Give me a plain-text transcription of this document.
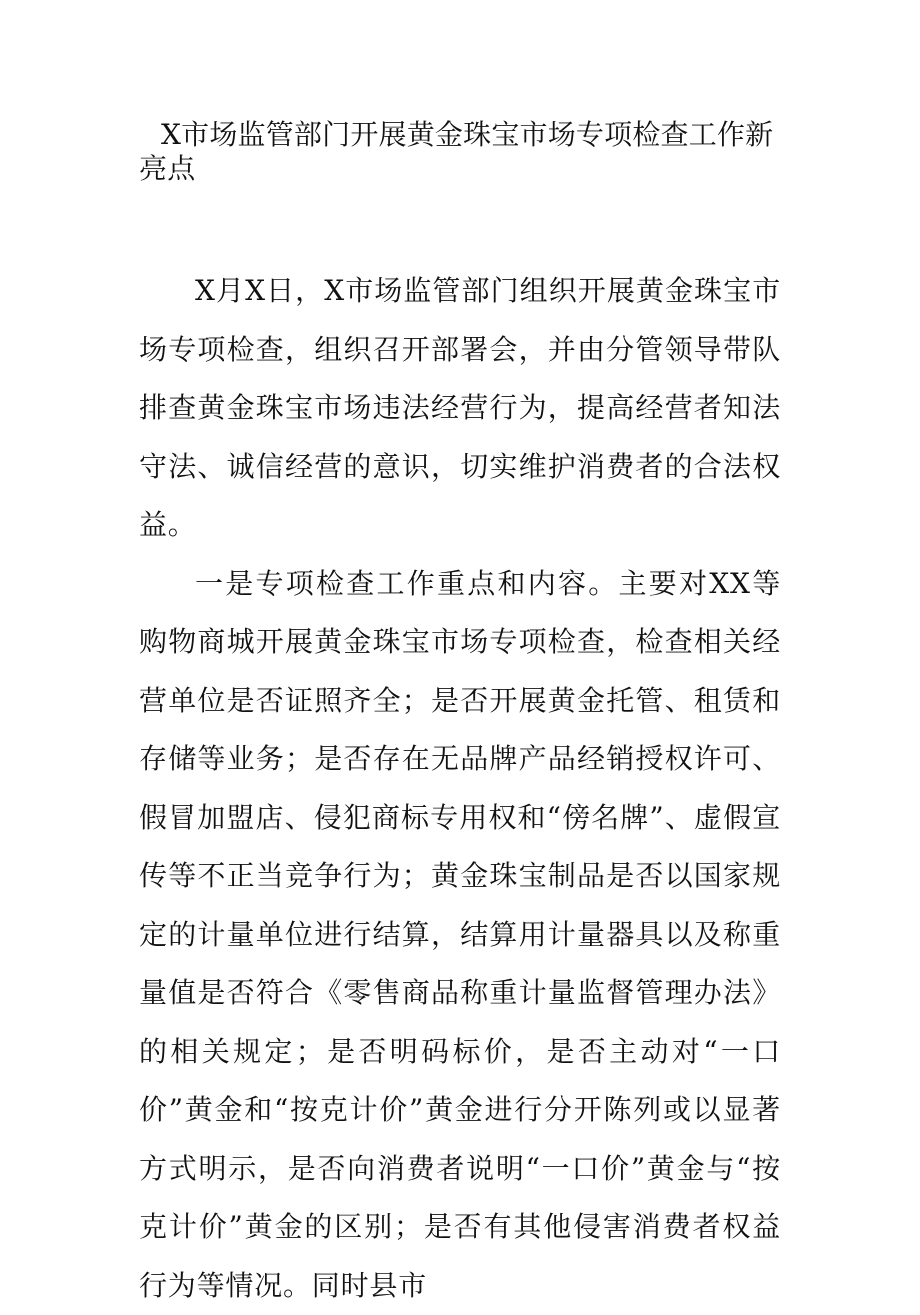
X市场监管部门开展黄金珠宝市场专项检查工作新亮点

X月X日，X市场监管部门组织开展黄金珠宝市场专项检查，组织召开部署会，并由分管领导带队排查黄金珠宝市场违法经营行为，提高经营者知法守法、诚信经营的意识，切实维护消费者的合法权益。

一是专项检查工作重点和内容。主要对XX等购物商城开展黄金珠宝市场专项检查，检查相关经营单位是否证照齐全；是否开展黄金托管、租赁和存储等业务；是否存在无品牌产品经销授权许可、假冒加盟店、侵犯商标专用权和“傍名牌”、虚假宣传等不正当竞争行为；黄金珠宝制品是否以国家规定的计量单位进行结算，结算用计量器具以及称重量值是否符合《零售商品称重计量监督管理办法》的相关规定；是否明码标价，是否主动对“一口价”黄金和“按克计价”黄金进行分开陈列或以显著方式明示，是否向消费者说明“一口价”黄金与“按克计价”黄金的区别；是否有其他侵害消费者权益行为等情况。同时县市
